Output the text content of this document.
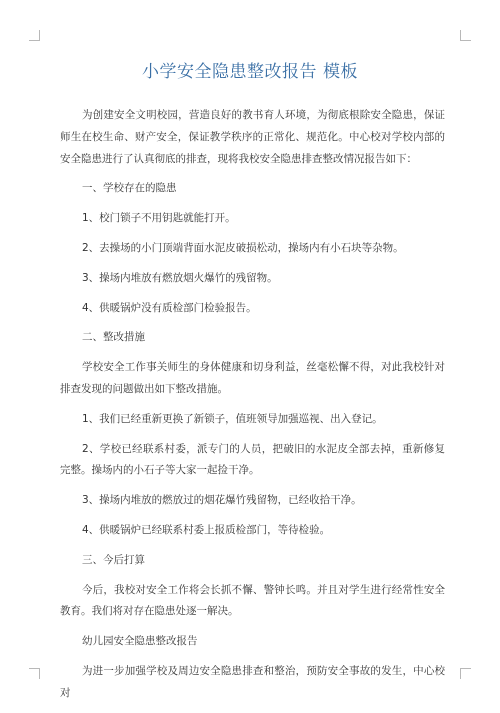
小学安全隐患整改报告 模板

为创建安全文明校园，营造良好的教书育人环境，为彻底根除安全隐患，保证师生在校生命、财产安全，保证教学秩序的正常化、规范化。中心校对学校内部的安全隐患进行了认真彻底的排查，现将我校安全隐患排查整改情况报告如下：

一、学校存在的隐患

1、校门锁子不用钥匙就能打开。

2、去操场的小门顶端背面水泥皮破损松动，操场内有小石块等杂物。

3、操场内堆放有燃放烟火爆竹的残留物。

4、供暖锅炉没有质检部门检验报告。

二、整改措施

学校安全工作事关师生的身体健康和切身利益，丝毫松懈不得，对此我校针对排查发现的问题做出如下整改措施。

1、我们已经重新更换了新锁子，值班领导加强巡视、出入登记。

2、学校已经联系村委，派专门的人员，把破旧的水泥皮全部去掉，重新修复完整。操场内的小石子等大家一起捡干净。

3、操场内堆放的燃放过的烟花爆竹残留物，已经收拾干净。

4、供暖锅炉已经联系村委上报质检部门，等待检验。

三、今后打算

今后，我校对安全工作将会长抓不懈、警钟长鸣。并且对学生进行经常性安全教育。我们将对存在隐患处逐一解决。

幼儿园安全隐患整改报告

为进一步加强学校及周边安全隐患排查和整治，预防安全事故的发生，中心校对
